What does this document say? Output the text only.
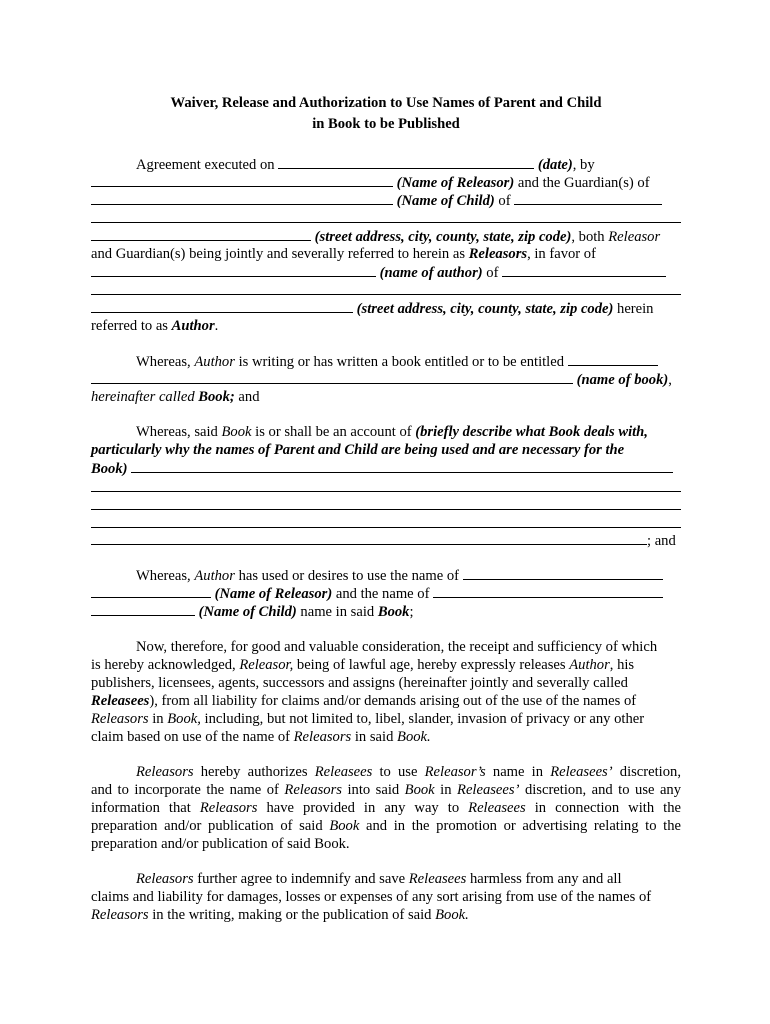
Waiver, Release and Authorization to Use Names of Parent and Child
in Book to be Published
Agreement executed on	(date), by
(Name of Releasor) and the Guardian(s) of
(Name of Child) of
(street address, city, county, state, zip code), both Releasor
and Guardian(s) being jointly and severally referred to herein as Releasors, in favor of
(name of author) of
(street address, city, county, state, zip code) herein
referred to as Author.
Whereas, Author is writing or has written a book entitled or to be entitled
(name of book),
hereinafter called Book; and
Whereas, said Book is or shall be an account of (briefly describe what Book deals with,
particularly why the names of Parent and Child are being used and are necessary for the
Book)
; and
Whereas, Author has used or desires to use the name of
(Name of Releasor) and the name of
(Name of Child) name in said Book;
Now, therefore, for good and valuable consideration, the receipt and sufficiency of which
is hereby acknowledged, Releasor, being of lawful age, hereby expressly releases Author, his
publishers, licensees, agents, successors and assigns (hereinafter jointly and severally called
Releasees), from all liability for claims and/or demands arising out of the use of the names of
Releasors in Book, including, but not limited to, libel, slander, invasion of privacy or any other
claim based on use of the name of Releasors in said Book.
Releasors hereby authorizes Releasees to use Releasor’s name in Releasees’ discretion,
and to incorporate the name of Releasors into said Book in Releasees’ discretion, and to use any
information that Releasors have provided in any way to Releasees in connection with the
preparation and/or publication of said Book and in the promotion or advertising relating to the
preparation and/or publication of said Book.
Releasors further agree to indemnify and save Releasees harmless from any and all
claims and liability for damages, losses or expenses of any sort arising from use of the names of
Releasors in the writing, making or the publication of said Book.
